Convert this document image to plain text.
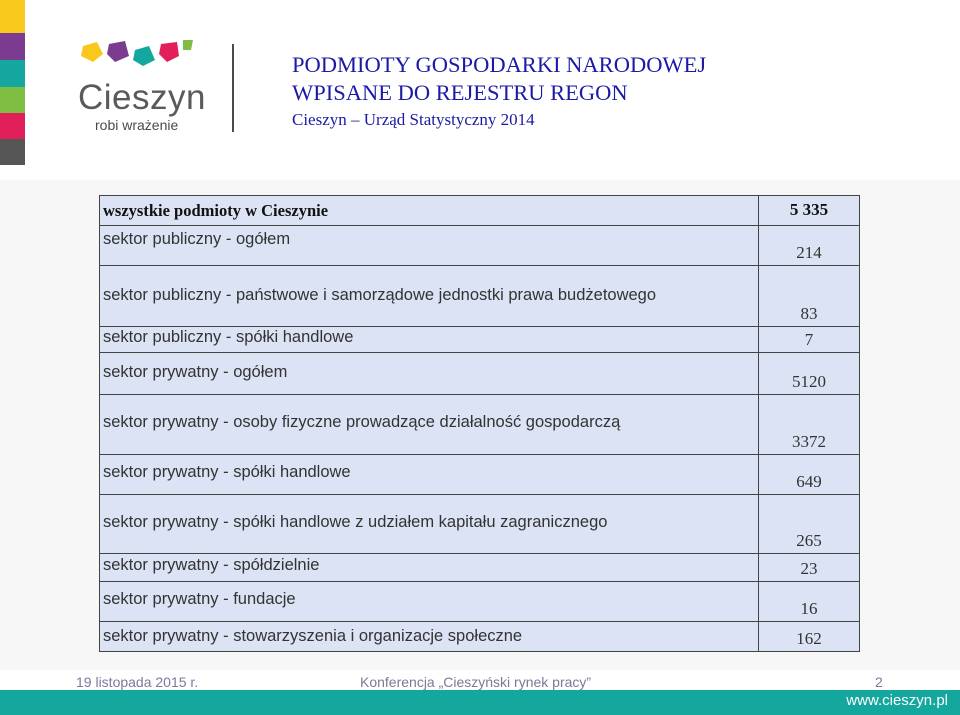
Cieszyn
robi wrażenie
PODMIOTY GOSPODARKI NARODOWEJ
WPISANE DO REJESTRU REGON
Cieszyn – Urząd Statystyczny 2014
wszystkie podmioty w Cieszynie	5 335
sektor publiczny - ogółem	214
sektor publiczny - państwowe i samorządowe jednostki prawa budżetowego	83
sektor publiczny - spółki handlowe	7
sektor prywatny - ogółem	5120
sektor prywatny - osoby fizyczne prowadzące działalność gospodarczą	3372
sektor prywatny - spółki handlowe	649
sektor prywatny - spółki handlowe z udziałem kapitału zagranicznego	265
sektor prywatny - spółdzielnie	23
sektor prywatny - fundacje	16
sektor prywatny - stowarzyszenia i organizacje społeczne	162
19 listopada 2015 r.	Konferencja „Cieszyński rynek pracy”	2
www.cieszyn.pl
